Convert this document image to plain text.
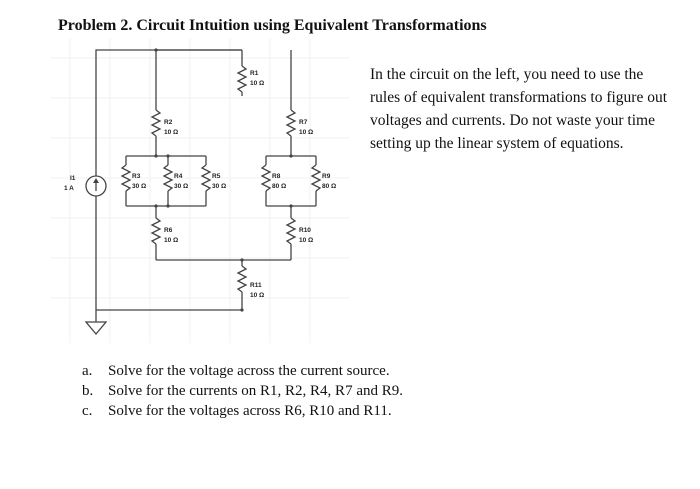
Problem 2. Circuit Intuition using Equivalent Transformations
I1
1 A
R1
10 Ω
R2
10 Ω
R3
30 Ω
R4
30 Ω
R5
30 Ω
R6
10 Ω
R7
10 Ω
R8
80 Ω
R9
80 Ω
R10
10 Ω
R11
10 Ω

In the circuit on the left, you need to use the rules of equivalent transformations to figure out voltages and currents. Do not waste your time setting up the linear system of equations.

a.	Solve for the voltage across the current source.
b. Solve for the currents on R1, R2, R4, R7 and R9.
c.	Solve for the voltages across R6, R10 and R11.
